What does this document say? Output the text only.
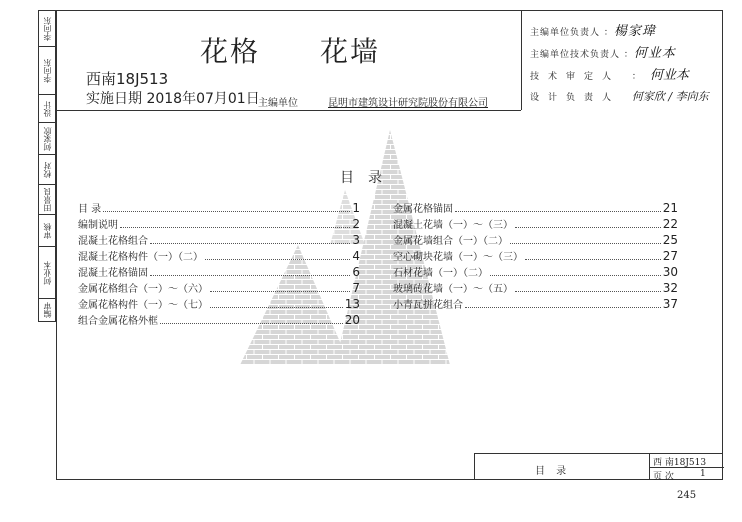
李向东
李向东
设计
何家欣
校对
田景良
审核
何业本
编审
花格 花墙
西南18J513
实施日期 2018年07月01日
主编单位	昆明市建筑设计研究院股份有限公司
主编单位负责人 ：楊家瑋
主编单位技术负责人 ：何业本
技术审定人 ：何业本
设计负责人 何家欣 / 李向东
目录
目 录	1
编制说明	2
混凝土花格组合	3
混凝土花格构件（一）（二）	4
混凝土花格锚固	6
金属花格组合（一）～（六）	7
金属花格构件（一）～（七）	13
组合金属花格外框	20
金属花格锚固	21
混凝土花墙（一）～（三）	22
金属花墙组合（一）（二）	25
空心砌块花墙（一）～（三）	27
石材花墙（一）（二）	30
玻璃砖花墙（一）～（五）	32
小青瓦拼花组合	37
目 录
西 南18J513
页 次	1
245
